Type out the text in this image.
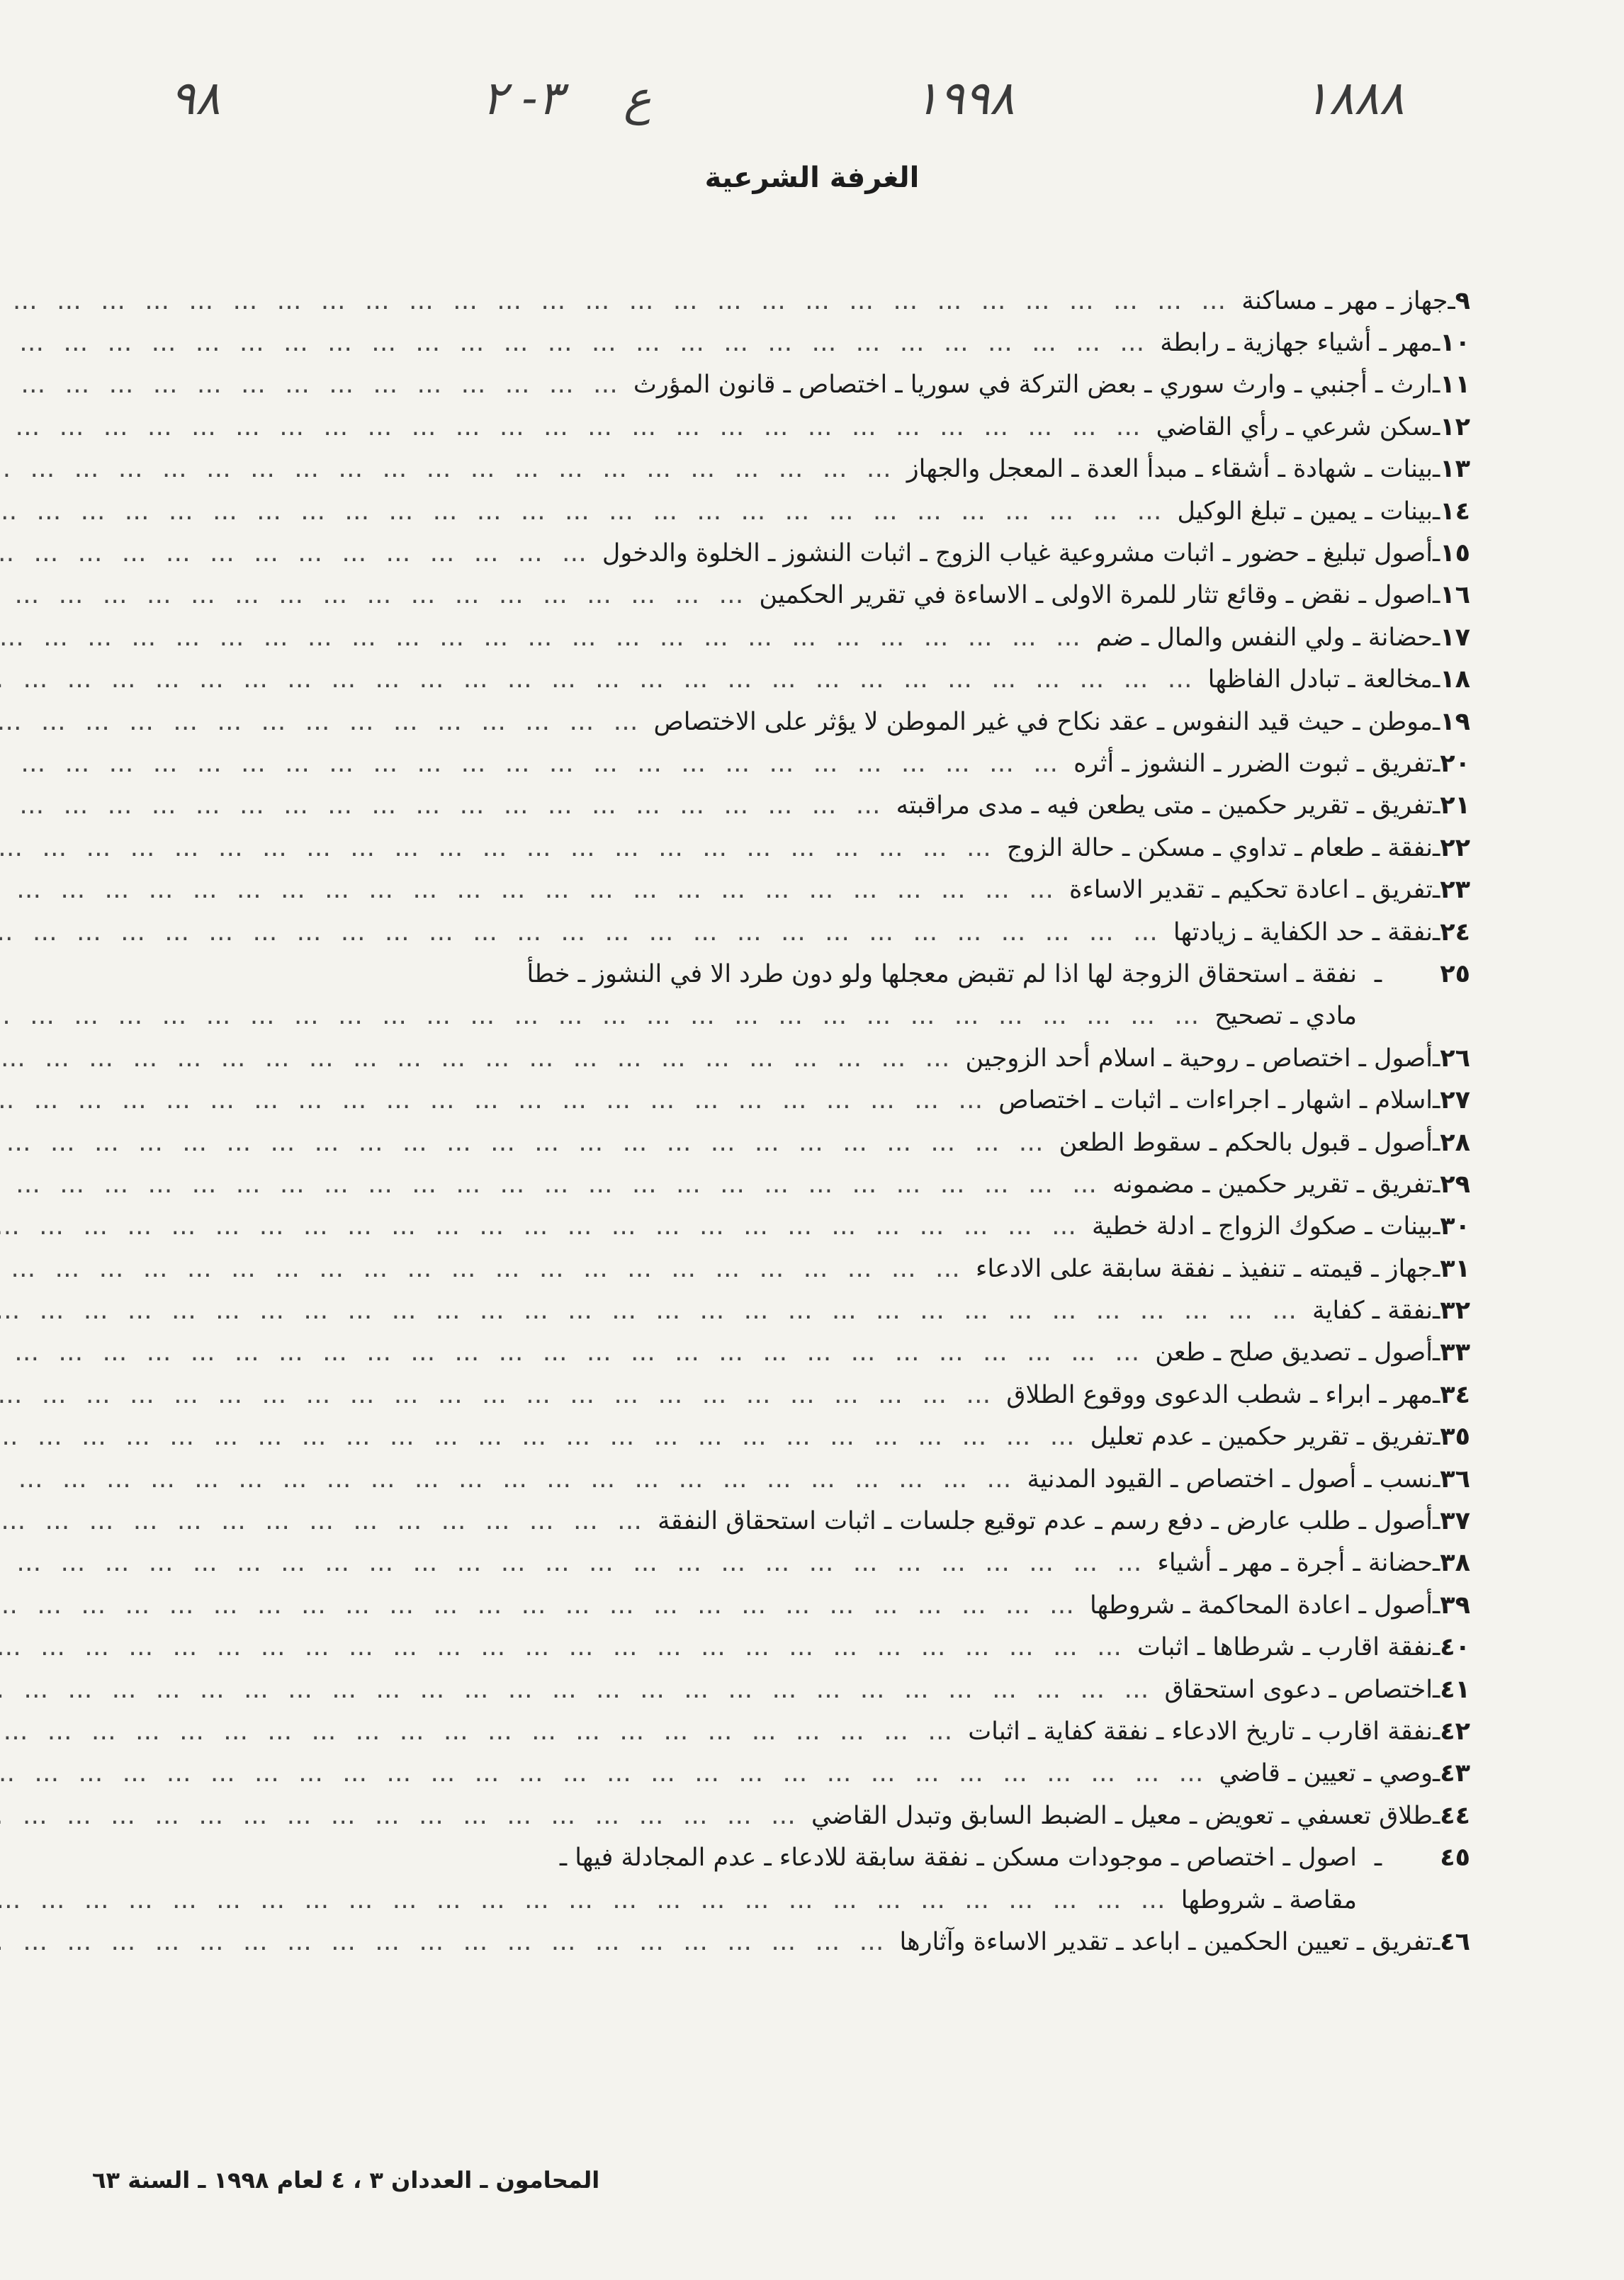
۱۸۸۸
۱۹۹۸
ع
٣- ٢
٩٨
الغرفة الشرعية
٩
ـ
جهاز ـ مهر ـ مساكنة
… … … … … … … … … … … … … … … … … … … … … … … … … … … … … … … … … …
١٠
ـ
مهر ـ أشياء جهازية ـ رابطة
… … … … … … … … … … … … … … … … … … … … … … … … … … … … … … … … … …
١١
ـ
ارث ـ أجنبي ـ وارث سوري ـ بعض التركة في سوريا ـ اختصاص ـ قانون المؤرث
… … … … … … … … … … … … … … … … … … … … … … … … … … … … … … … … … …
١٢
ـ
سكن شرعي ـ رأي القاضي
… … … … … … … … … … … … … … … … … … … … … … … … … … … … … … … … … …
١٣
ـ
بينات ـ شهادة ـ أشقاء ـ مبدأ العدة ـ المعجل والجهاز
… … … … … … … … … … … … … … … … … … … … … … … … … … … … … … … … … …
١٤
ـ
بينات ـ يمين ـ تبلغ الوكيل
… … … … … … … … … … … … … … … … … … … … … … … … … … … … … … … … … …
١٥
ـ
أصول تبليغ ـ حضور ـ اثبات مشروعية غياب الزوج ـ اثبات النشوز ـ الخلوة والدخول
… … … … … … … … … … … … … … … … … … … … … … … … … … … … … … … … … …
١٦
ـ
اصول ـ نقض ـ وقائع تثار للمرة الاولى ـ الاساءة في تقرير الحكمين
… … … … … … … … … … … … … … … … … … … … … … … … … … … … … … … … … …
١٧
ـ
حضانة ـ ولي النفس والمال ـ ضم
… … … … … … … … … … … … … … … … … … … … … … … … … … … … … … … … … …
١٨
ـ
مخالعة ـ تبادل الفاظها
… … … … … … … … … … … … … … … … … … … … … … … … … … … … … … … … … …
١٩
ـ
موطن ـ حيث قيد النفوس ـ عقد نكاح في غير الموطن لا يؤثر على الاختصاص
… … … … … … … … … … … … … … … … … … … … … … … … … … … … … … … … … …
٢٠
ـ
تفريق ـ ثبوت الضرر ـ النشوز ـ أثره
… … … … … … … … … … … … … … … … … … … … … … … … … … … … … … … … … …
٢١
ـ
تفريق ـ تقرير حكمين ـ متى يطعن فيه ـ مدى مراقبته
… … … … … … … … … … … … … … … … … … … … … … … … … … … … … … … … … …
٢٢
ـ
نفقة ـ طعام ـ تداوي ـ مسكن ـ حالة الزوج
… … … … … … … … … … … … … … … … … … … … … … … … … … … … … … … … … …
٢٣
ـ
تفريق ـ اعادة تحكيم ـ تقدير الاساءة
… … … … … … … … … … … … … … … … … … … … … … … … … … … … … … … … … …
٢٤
ـ
نفقة ـ حد الكفاية ـ زيادتها
… … … … … … … … … … … … … … … … … … … … … … … … … … … … … … … … … …
٢٥
ـ
نفقة ـ استحقاق الزوجة لها اذا لم تقبض معجلها ولو دون طرد الا في النشوز ـ خطأ
مادي ـ تصحيح
… … … … … … … … … … … … … … … … … … … … … … … … … … … … … … … … … …
٢٦
ـ
أصول ـ اختصاص ـ روحية ـ اسلام أحد الزوجين
… … … … … … … … … … … … … … … … … … … … … … … … … … … … … … … … … …
٢٧
ـ
اسلام ـ اشهار ـ اجراءات ـ اثبات ـ اختصاص
… … … … … … … … … … … … … … … … … … … … … … … … … … … … … … … … … …
٢٨
ـ
أصول ـ قبول بالحكم ـ سقوط الطعن
… … … … … … … … … … … … … … … … … … … … … … … … … … … … … … … … … …
٢٩
ـ
تفريق ـ تقرير حكمين ـ مضمونه
… … … … … … … … … … … … … … … … … … … … … … … … … … … … … … … … … …
٣٠
ـ
بينات ـ صكوك الزواج ـ ادلة خطية
… … … … … … … … … … … … … … … … … … … … … … … … … … … … … … … … … …
٣١
ـ
جهاز ـ قيمته ـ تنفيذ ـ نفقة سابقة على الادعاء
… … … … … … … … … … … … … … … … … … … … … … … … … … … … … … … … … …
٣٢
ـ
نفقة ـ كفاية
… … … … … … … … … … … … … … … … … … … … … … … … … … … … … … … … … …
٣٣
ـ
أصول ـ تصديق صلح ـ طعن
… … … … … … … … … … … … … … … … … … … … … … … … … … … … … … … … … …
٣٤
ـ
مهر ـ ابراء ـ شطب الدعوى ووقوع الطلاق
… … … … … … … … … … … … … … … … … … … … … … … … … … … … … … … … … …
٣٥
ـ
تفريق ـ تقرير حكمين ـ عدم تعليل
… … … … … … … … … … … … … … … … … … … … … … … … … … … … … … … … … …
٣٦
ـ
نسب ـ أصول ـ اختصاص ـ القيود المدنية
… … … … … … … … … … … … … … … … … … … … … … … … … … … … … … … … … …
٣٧
ـ
أصول ـ طلب عارض ـ دفع رسم ـ عدم توقيع جلسات ـ اثبات استحقاق النفقة
… … … … … … … … … … … … … … … … … … … … … … … … … … … … … … … … … …
٣٨
ـ
حضانة ـ أجرة ـ مهر ـ أشياء
… … … … … … … … … … … … … … … … … … … … … … … … … … … … … … … … … …
٣٩
ـ
أصول ـ اعادة المحاكمة ـ شروطها
… … … … … … … … … … … … … … … … … … … … … … … … … … … … … … … … … …
٤٠
ـ
نفقة اقارب ـ شرطاها ـ اثبات
… … … … … … … … … … … … … … … … … … … … … … … … … … … … … … … … … …
٤١
ـ
اختصاص ـ دعوى استحقاق
… … … … … … … … … … … … … … … … … … … … … … … … … … … … … … … … … …
٤٢
ـ
نفقة اقارب ـ تاريخ الادعاء ـ نفقة كفاية ـ اثبات
… … … … … … … … … … … … … … … … … … … … … … … … … … … … … … … … … …
٤٣
ـ
وصي ـ تعيين ـ قاضي
… … … … … … … … … … … … … … … … … … … … … … … … … … … … … … … … … …
٤٤
ـ
طلاق تعسفي ـ تعويض ـ معيل ـ الضبط السابق وتبدل القاضي
… … … … … … … … … … … … … … … … … … … … … … … … … … … … … … … … … …
٤٥
ـ
اصول ـ اختصاص ـ موجودات مسكن ـ نفقة سابقة للادعاء ـ عدم المجادلة فيها ـ
مقاصة ـ شروطها
… … … … … … … … … … … … … … … … … … … … … … … … … … … … … … … … … …
٤٦
ـ
تفريق ـ تعيين الحكمين ـ اباعد ـ تقدير الاساءة وآثارها
… … … … … … … … … … … … … … … … … … … … … … … … … … … … … … … … … …
المحامون ـ العددان ٣ ، ٤ لعام ١٩٩٨ ـ السنة ٦٣
